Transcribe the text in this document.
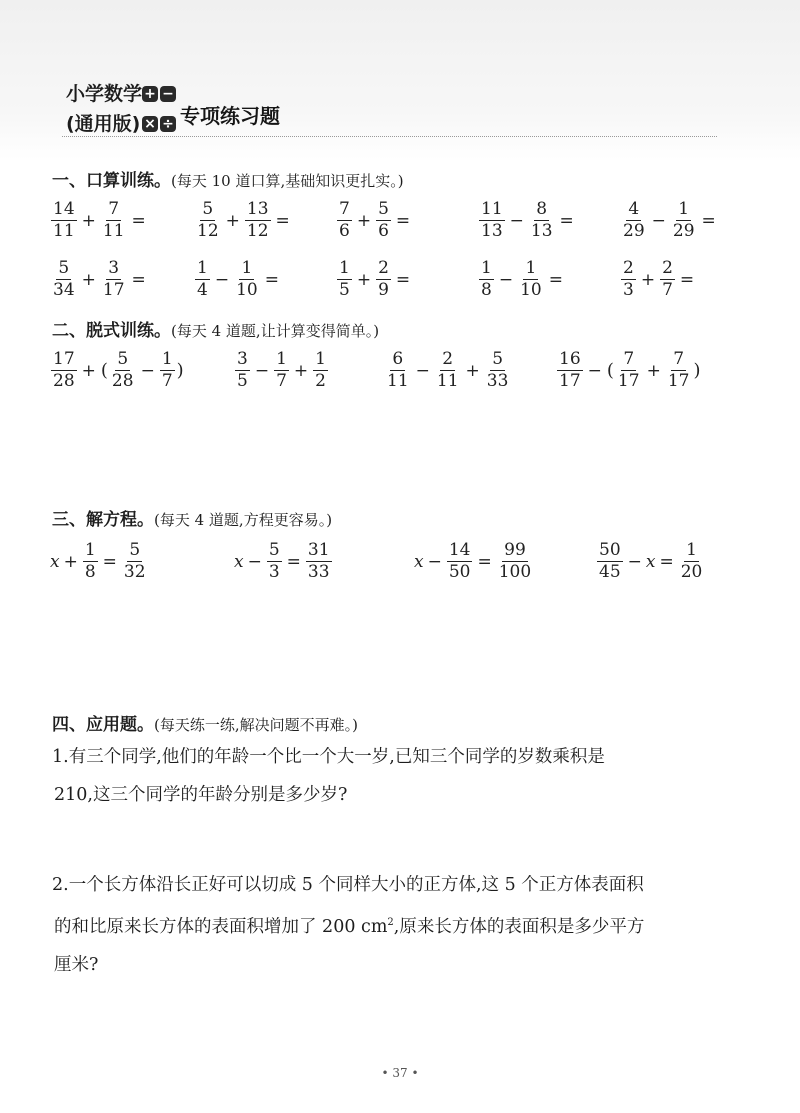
小学数学
(通用版)
+ −
× ÷ 专项练习题
一、口算训练。(每天 10 道口算,基础知识更扎实。)
$\frac{14}{11} + \frac{7}{11}$ =	$\frac{5}{12} + \frac{13}{12}$ =	$\frac{7}{6} + \frac{5}{6}$ =	$\frac{11}{13} - \frac{8}{13}$ =	$\frac{4}{29} - \frac{1}{29}$ =
$\frac{5}{34} + \frac{3}{17}$ =	$\frac{1}{4} - \frac{1}{10}$ =	$\frac{1}{5} + \frac{2}{9}$ =	$\frac{1}{8} - \frac{1}{10}$ =	$\frac{2}{3} + \frac{2}{7}$ =
二、脱式训练。(每天 4 道题,让计算变得简单。)
$\frac{17}{28}$ + ( $\frac{5}{28} - \frac{1}{7}$ )	$\frac{3}{5} - \frac{1}{7} + \frac{1}{2}$	$\frac{6}{11} - \frac{2}{11} + \frac{5}{33}$	$\frac{16}{17}$ − ( $\frac{7}{17} + \frac{7}{17}$ )
三、解方程。(每天 4 道题,方程更容易。)
$x + \frac{1}{8} = \frac{5}{32}$	$x - \frac{5}{3} = \frac{31}{33}$	$x - \frac{14}{50} = \frac{99}{100}$	$\frac{50}{45} - x = \frac{1}{20}$
四、应用题。(每天练一练,解决问题不再难。)
1.有三个同学,他们的年龄一个比一个大一岁,已知三个同学的岁数乘积是
210,这三个同学的年龄分别是多少岁?
2.一个长方体沿长正好可以切成 5 个同样大小的正方体,这 5 个正方体表面积
的和比原来长方体的表面积增加了 200 $cm^2$,原来长方体的表面积是多少平方
厘米?
• 37 •
